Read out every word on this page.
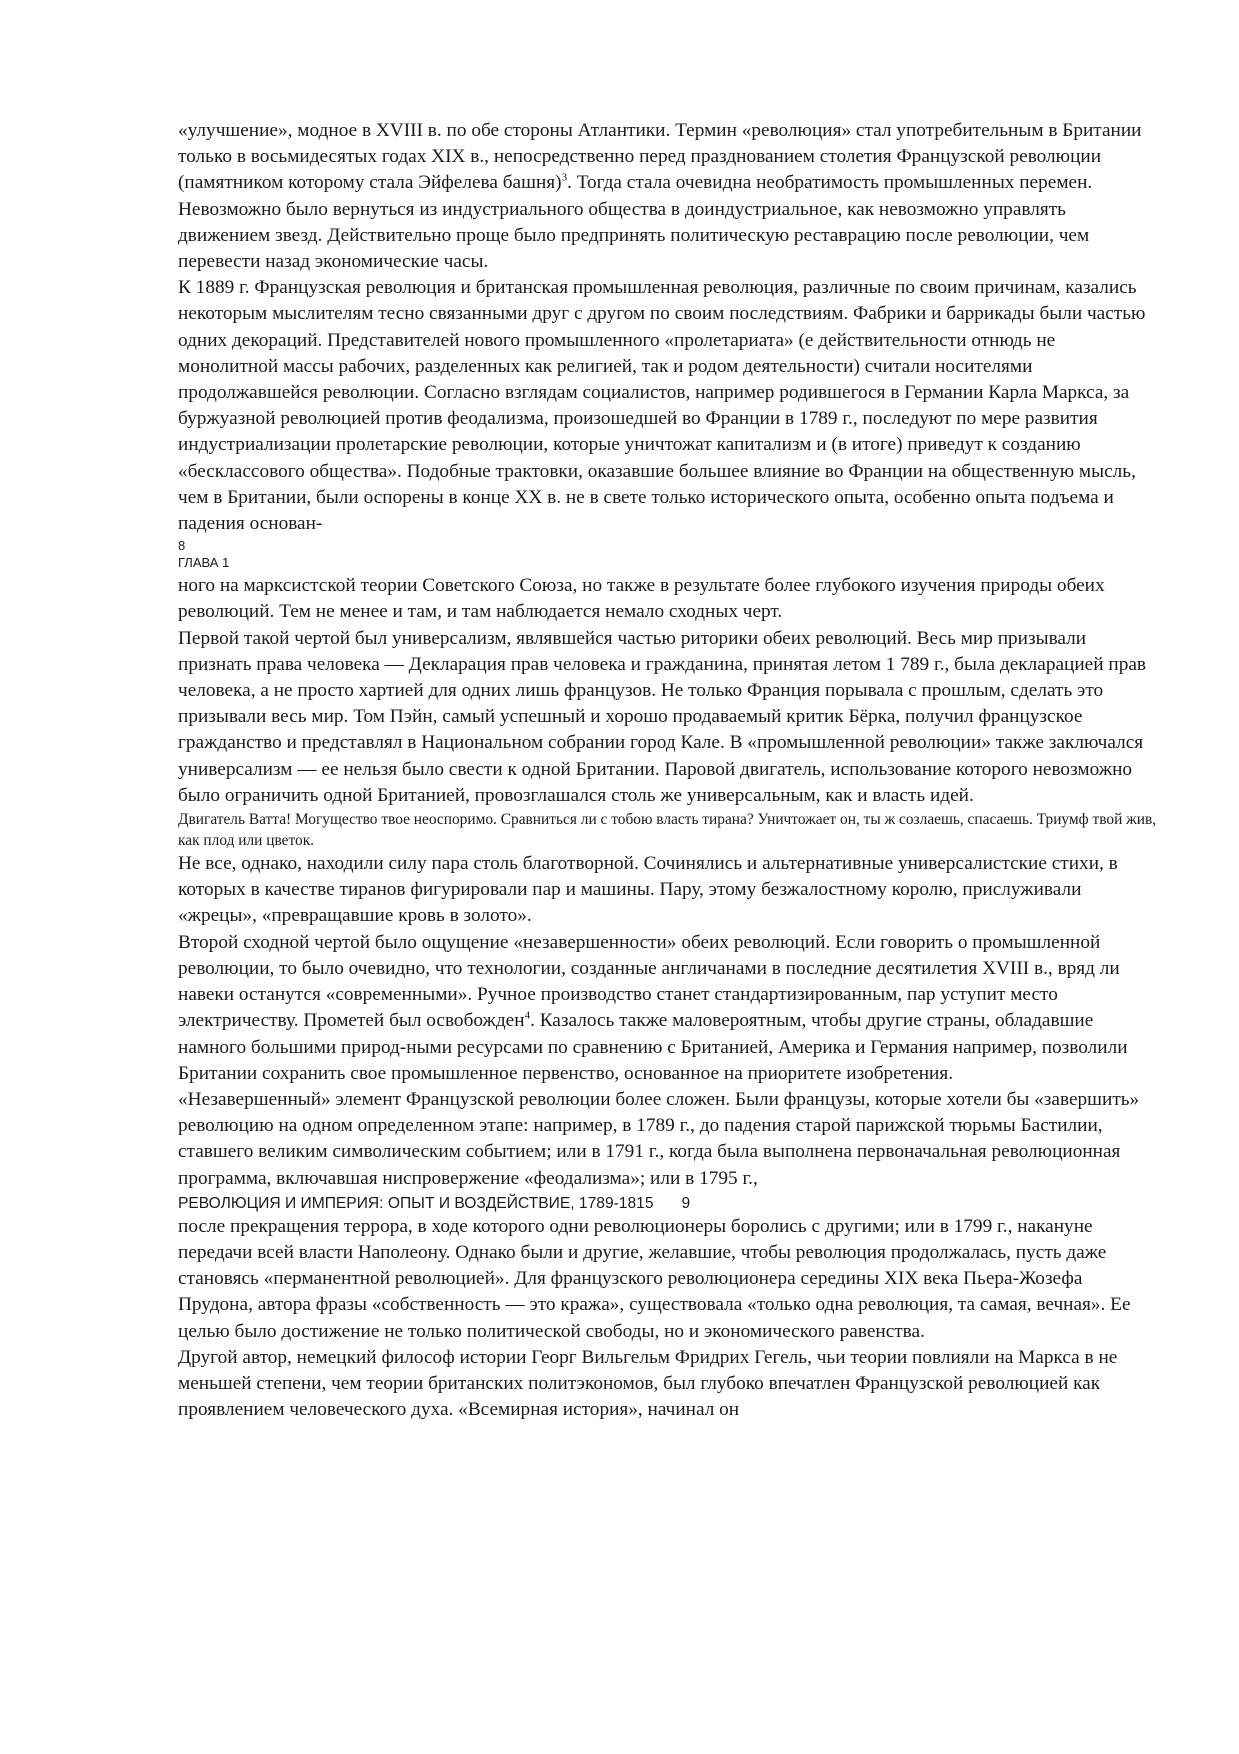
«улучшение», модное в XVIII в. по обе стороны Атлантики. Термин «революция» стал употребительным в Британии только в восьмидесятых годах XIX в., непосредственно перед празднованием столетия Французской революции (памятником которому стала Эйфелева башня)$^3$. Тогда стала очевидна необратимость промышленных перемен. Невозможно было вернуться из индустриального общества в доиндустриальное, как невозможно управлять движением звезд. Действительно проще было предпринять политическую реставрацию после революции, чем перевести назад экономические часы.

К 1889 г. Французская революция и британская промышленная революция, различные по своим причинам, казались некоторым мыслителям тесно связанными друг с другом по своим последствиям. Фабрики и баррикады были частью одних декораций. Представителей нового промышленного «пролетариата» (е действительности отнюдь не монолитной массы рабочих, разделенных как религией, так и родом деятельности) считали носителями продолжавшейся революции. Согласно взглядам социалистов, например родившегося в Германии Карла Маркса, за буржуазной революцией против феодализма, произошедшей во Франции в 1789 г., последуют по мере развития индустриализации пролетарские революции, которые уничтожат капитализм и (в итоге) приведут к созданию «бесклассового общества». Подобные трактовки, оказавшие большее влияние во Франции на общественную мысль, чем в Британии, были оспорены в конце XX в. не в свете только исторического опыта, особенно опыта подъема и падения основан-

8

ГЛАВА 1

ного на марксистской теории Советского Союза, но также в результате более глубокого изучения природы обеих революций. Тем не менее и там, и там наблюдается немало сходных черт.

Первой такой чертой был универсализм, являвшейся частью риторики обеих революций. Весь мир призывали признать права человека — Декларация прав человека и гражданина, принятая летом 1 789 г., была декларацией прав человека, а не просто хартией для одних лишь французов. Не только Франция порывала с прошлым, сделать это призывали весь мир. Том Пэйн, самый успешный и хорошо продаваемый критик Бёрка, получил французское гражданство и представлял в Национальном собрании город Кале. В «промышленной революции» также заключался универсализм — ее нельзя было свести к одной Британии. Паровой двигатель, использование которого невозможно было ограничить одной Британией, провозглашался столь же универсальным, как и власть идей.

Двигатель Ватта! Могущество твое неоспоримо. Сравниться ли с тобою власть тирана? Уничтожает он, ты ж созлаешь, спасаешь. Триумф твой жив, как плод или цветок.

Не все, однако, находили силу пара столь благотворной. Сочинялись и альтернативные универсалистские стихи, в которых в качестве тиранов фигурировали пар и машины. Пару, этому безжалостному королю, прислуживали «жрецы», «превращавшие кровь в золото».

Второй сходной чертой было ощущение «незавершенности» обеих революций. Если говорить о промышленной революции, то было очевидно, что технологии, созданные англичанами в последние десятилетия XVIII в., вряд ли навеки останутся «современными». Ручное производство станет стандартизированным, пар уступит место электричеству. Прометей был освобожден$^4$. Казалось также маловероятным, чтобы другие страны, обладавшие намного большими природ-ными ресурсами по сравнению с Британией, Америка и Германия например, позволили Британии сохранить свое промышленное первенство, основанное на приоритете изобретения.

«Незавершенный» элемент Французской революции более сложен. Были французы, которые хотели бы «завершить» революцию на одном определенном этапе: например, в 1789 г., до падения старой парижской тюрьмы Бастилии, ставшего великим символическим событием; или в 1791 г., когда была выполнена первоначальная революционная программа, включавшая ниспровержение «феодализма»; или в 1795 г.,

РЕВОЛЮЦИЯ И ИМПЕРИЯ: ОПЫТ И ВОЗДЕЙСТВИЕ, 1789-1815 9

после прекращения террора, в ходе которого одни революционеры боролись с другими; или в 1799 г., накануне передачи всей власти Наполеону. Однако были и другие, желавшие, чтобы революция продолжалась, пусть даже становясь «перманентной революцией». Для французского революционера середины XIX века Пьера-Жозефа Прудона, автора фразы «собственность — это кража», существовала «только одна революция, та самая, вечная». Ее целью было достижение не только политической свободы, но и экономического равенства.

Другой автор, немецкий философ истории Георг Вильгельм Фридрих Гегель, чьи теории повлияли на Маркса в не меньшей степени, чем теории британских политэкономов, был глубоко впечатлен Французской революцией как проявлением человеческого духа. «Всемирная история», начинал он
